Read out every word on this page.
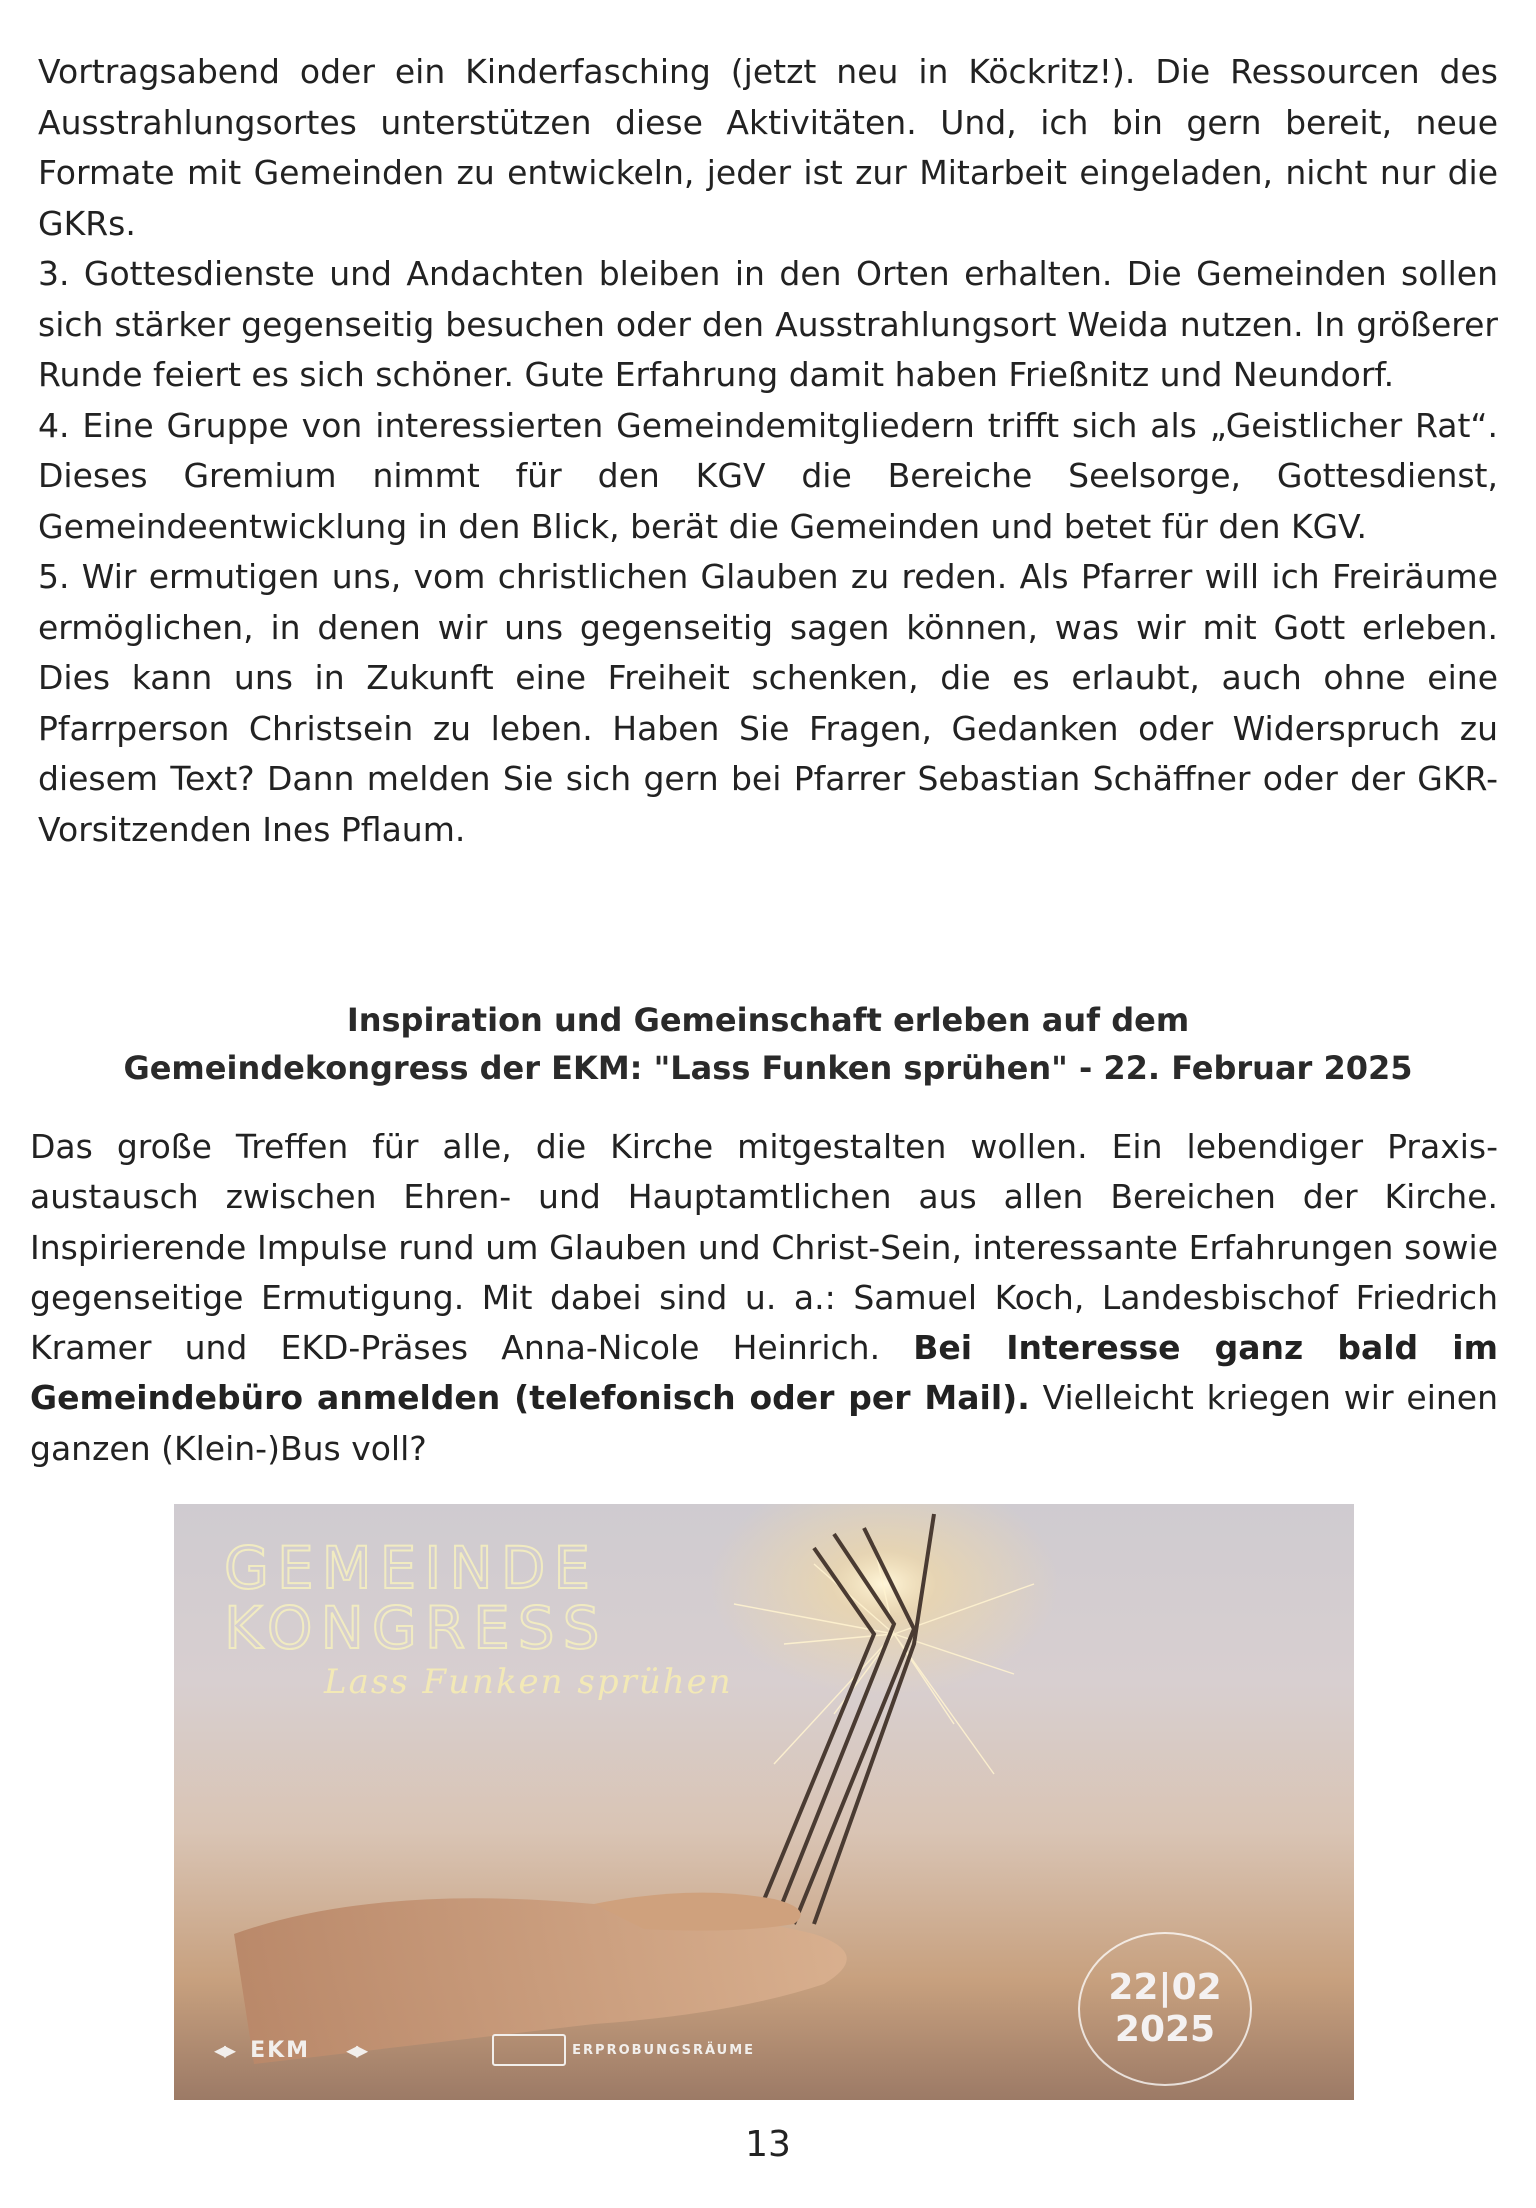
Vortragsabend oder ein Kinderfasching (jetzt neu in Köckritz!). Die Ressourcen des Ausstrahlungsortes unterstützen diese Aktivitäten. Und, ich bin gern bereit, neue Formate mit Gemeinden zu entwickeln, jeder ist zur Mitarbeit eingeladen, nicht nur die GKRs.

3. Gottesdienste und Andachten bleiben in den Orten erhalten. Die Gemeinden sollen sich stärker gegenseitig besuchen oder den Ausstrahlungsort Weida nutzen. In größerer Runde feiert es sich schöner. Gute Erfahrung damit haben Frießnitz und Neundorf.

4. Eine Gruppe von interessierten Gemeindemitgliedern trifft sich als „Geistlicher Rat“. Dieses Gremium nimmt für den KGV die Bereiche Seelsorge, Gottesdienst, Gemeindeentwicklung in den Blick, berät die Gemeinden und betet für den KGV.

5. Wir ermutigen uns, vom christlichen Glauben zu reden. Als Pfarrer will ich Freiräume ermöglichen, in denen wir uns gegenseitig sagen können, was wir mit Gott erleben. Dies kann uns in Zukunft eine Freiheit schenken, die es erlaubt, auch ohne eine Pfarrperson Christsein zu leben. Haben Sie Fragen, Gedanken oder Widerspruch zu diesem Text? Dann melden Sie sich gern bei Pfarrer Sebastian Schäffner oder der GKR-Vorsitzenden Ines Pflaum.

Inspiration und Gemeinschaft erleben auf dem
Gemeindekongress der EKM: "Lass Funken sprühen" - 22. Februar 2025

Das große Treffen für alle, die Kirche mitgestalten wollen. Ein lebendiger Praxis-austausch zwischen Ehren- und Hauptamtlichen aus allen Bereichen der Kirche. Inspirierende Impulse rund um Glauben und Christ-Sein, interessante Erfahrungen sowie gegenseitige Ermutigung. Mit dabei sind u. a.: Samuel Koch, Landesbischof Friedrich Kramer und EKD-Präses Anna-Nicole Heinrich. Bei Interesse ganz bald im Gemeindebüro anmelden (telefonisch oder per Mail). Vielleicht kriegen wir einen ganzen (Klein-)Bus voll?

GEMEINDE
KONGRESS
Lass Funken sprühen
22|02
2025
◂▸ EKM ◂▸	ERPROBUNGSRÄUME
13
